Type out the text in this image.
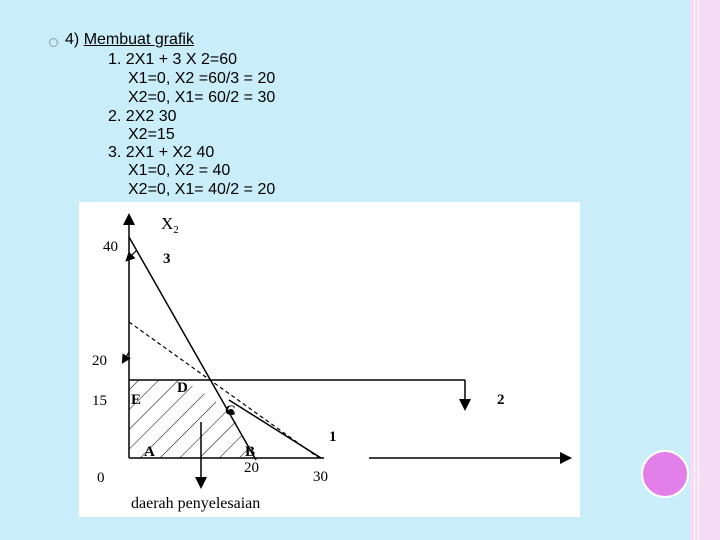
4) Membuat grafik
1. 2X1 + 3 X 2=60
X1=0, X2 =60/3 = 20
X2=0, X1= 60/2 = 30
2. 2X2 30
X2=15
3. 2X1 + X2 40
X1=0, X2 = 40
X2=0, X1= 40/2 = 20
$X_2$
40
20
15
0
20
30
3
2
1
A	B
C
D
E
daerah penyelesaian
